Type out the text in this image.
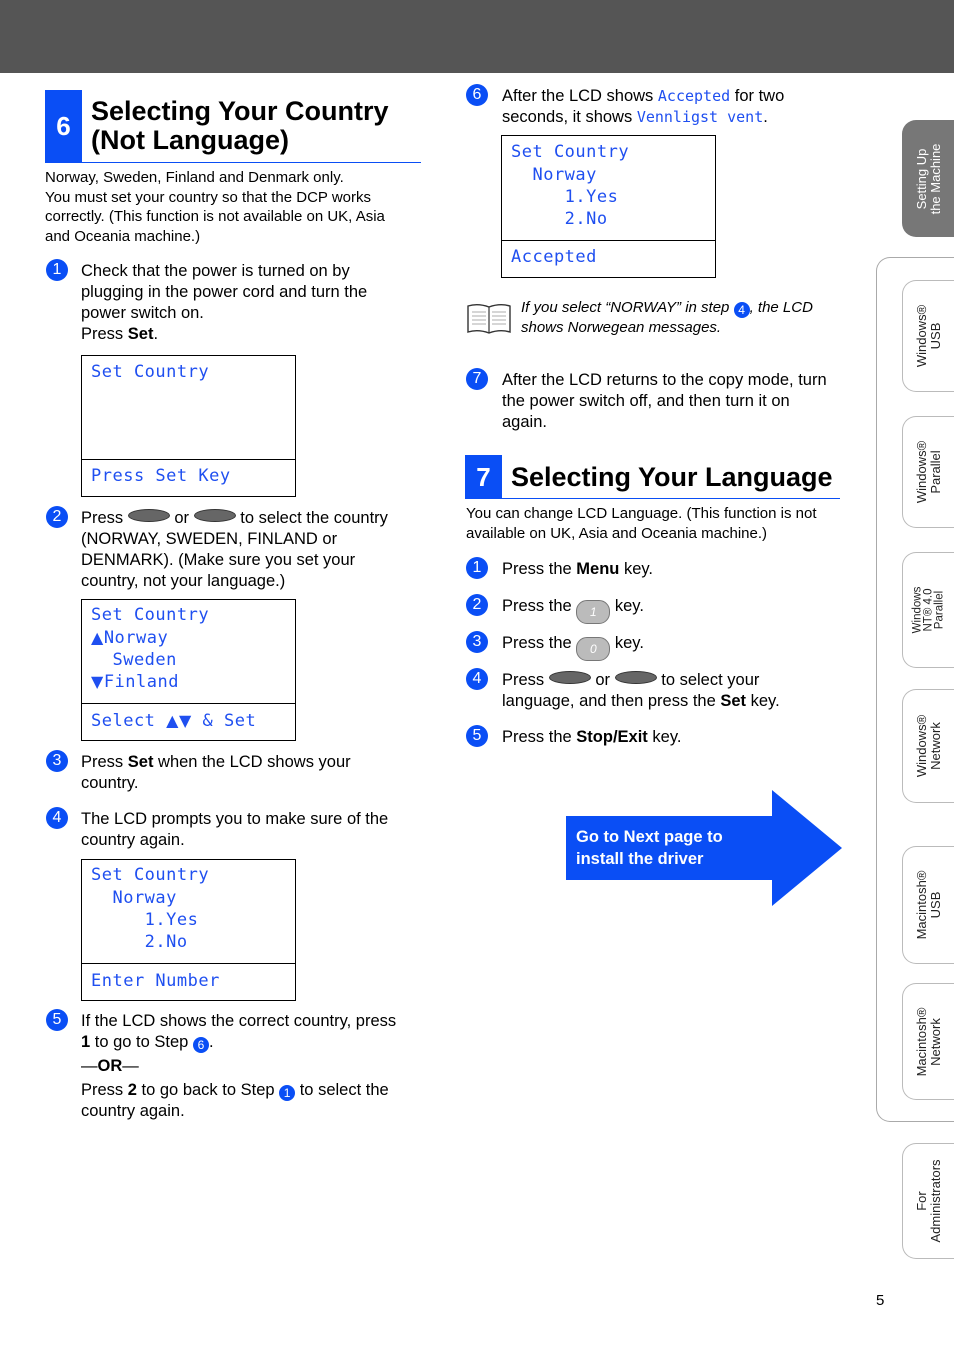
6 Selecting Your Country
(Not Language)
Norway, Sweden, Finland and Denmark only.
You must set your country so that the DCP works
correctly. (This function is not available on UK, Asia
and Oceania machine.)
1	Check that the power is turned on by
plugging in the power cord and turn the
power switch on.
Press Set.
Set Country
Press Set Key
2	Press	or	to select the country
(NORWAY, SWEDEN, FINLAND or
DENMARK). (Make sure you set your
country, not your language.)
Set Country
▲Norway
Sweden
▼Finland
Select ▲▼ & Set
3	Press Set when the LCD shows your
country.
4	The LCD prompts you to make sure of the
country again.
Set Country
Norway
1.Yes
2.No
Enter Number
5	If the LCD shows the correct country, press
1 to go to Step 6 .
—OR—
Press 2 to go back to Step 1 to select the
country again.
6	After the LCD shows Accepted for two
seconds, it shows Vennligst vent.
Set Country
Norway
1.Yes
2.No
Accepted
If you select “NORWAY” in step 4 , the LCD
shows Norwegean messages.
7	After the LCD returns to the copy mode, turn
the power switch off, and then turn it on
again.
7 Selecting Your Language
You can change LCD Language. (This function is not
available on UK, Asia and Oceania machine.)
1	Press the Menu key.
2	Press the 1 key.
3	Press the 0 key.
4	Press	or	to select your
language, and then press the Set key.
5	Press the Stop/Exit key.
Go to Next page to
install the driver
Setting Up the Machine
Windows® USB
Windows® Parallel
Windows NT® 4.0 Parallel
Windows® Network
Macintosh® USB
Macintosh® Network
For Administrators
5
